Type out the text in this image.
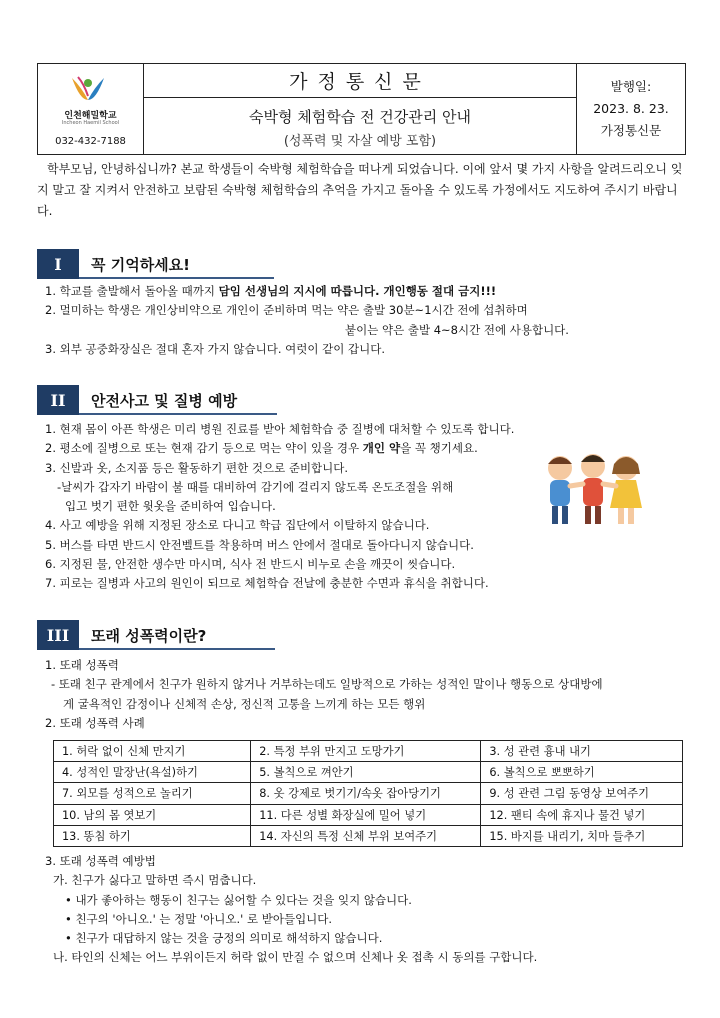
인천해밀학교
Incheon Haemil School
032-432-7188
가정통신문
숙박형 체험학습 전 건강관리 안내
(성폭력 및 자살 예방 포함)
발행일:
2023. 8. 23.
가정통신문
학부모님, 안녕하십니까? 본교 학생들이 숙박형 체험학습을 떠나게 되었습니다. 이에 앞서 몇 가지 사항을 알려드리오니 잊지 말고 잘 지켜서 안전하고 보람된 숙박형 체험학습의 추억을 가지고 돌아올 수 있도록 가정에서도 지도하여 주시기 바랍니다.
I	꼭 기억하세요!
1. 학교를 출발해서 돌아올 때까지 담임 선생님의 지시에 따릅니다. 개인행동 절대 금지!!!
2. 멀미하는 학생은 개인상비약으로 개인이 준비하며 먹는 약은 출발 30분~1시간 전에 섭취하며
붙이는 약은 출발 4~8시간 전에 사용합니다.
3. 외부 공중화장실은 절대 혼자 가지 않습니다. 여럿이 같이 갑니다.
II	안전사고 및 질병 예방
1. 현재 몸이 아픈 학생은 미리 병원 진료를 받아 체험학습 중 질병에 대처할 수 있도록 합니다.
2. 평소에 질병으로 또는 현재 감기 등으로 먹는 약이 있을 경우 개인 약을 꼭 챙기세요.
3. 신발과 옷, 소지품 등은 활동하기 편한 것으로 준비합니다.
-날씨가 갑자기 바람이 불 때를 대비하여 감기에 걸리지 않도록 온도조절을 위해
입고 벗기 편한 윗옷을 준비하여 입습니다.
4. 사고 예방을 위해 지정된 장소로 다니고 학급 집단에서 이탈하지 않습니다.
5. 버스를 타면 반드시 안전벨트를 착용하며 버스 안에서 절대로 돌아다니지 않습니다.
6. 지정된 물, 안전한 생수만 마시며, 식사 전 반드시 비누로 손을 깨끗이 씻습니다.
7. 피로는 질병과 사고의 원인이 되므로 체험학습 전날에 충분한 수면과 휴식을 취합니다.
III	또래 성폭력이란?
1. 또래 성폭력
- 또래 친구 관계에서 친구가 원하지 않거나 거부하는데도 일방적으로 가하는 성적인 말이나 행동으로 상대방에
게 굴욕적인 감정이나 신체적 손상, 정신적 고통을 느끼게 하는 모든 행위
2. 또래 성폭력 사례
1. 허락 없이 신체 만지기	2. 특정 부위 만지고 도망가기	3. 성 관련 흉내 내기
4. 성적인 말장난(욕설)하기	5. 볼칙으로 껴안기	6. 볼칙으로 뽀뽀하기
7. 외모를 성적으로 놀리기	8. 옷 강제로 벗기기/속옷 잡아당기기	9. 성 관련 그림 동영상 보여주기
10. 남의 몸 엿보기	11. 다른 성별 화장실에 밀어 넣기	12. 팬티 속에 휴지나 물건 넣기
13. 똥침 하기	14. 자신의 특정 신체 부위 보여주기	15. 바지를 내리기, 치마 들추기
3. 또래 성폭력 예방법
가. 친구가 싫다고 말하면 즉시 멈춥니다.
• 내가 좋아하는 행동이 친구는 싫어할 수 있다는 것을 잊지 않습니다.
• 친구의 '아니오.' 는 정말 '아니오.' 로 받아들입니다.
• 친구가 대답하지 않는 것을 긍정의 의미로 해석하지 않습니다.
나. 타인의 신체는 어느 부위이든지 허락 없이 만질 수 없으며 신체나 옷 접촉 시 동의를 구합니다.
